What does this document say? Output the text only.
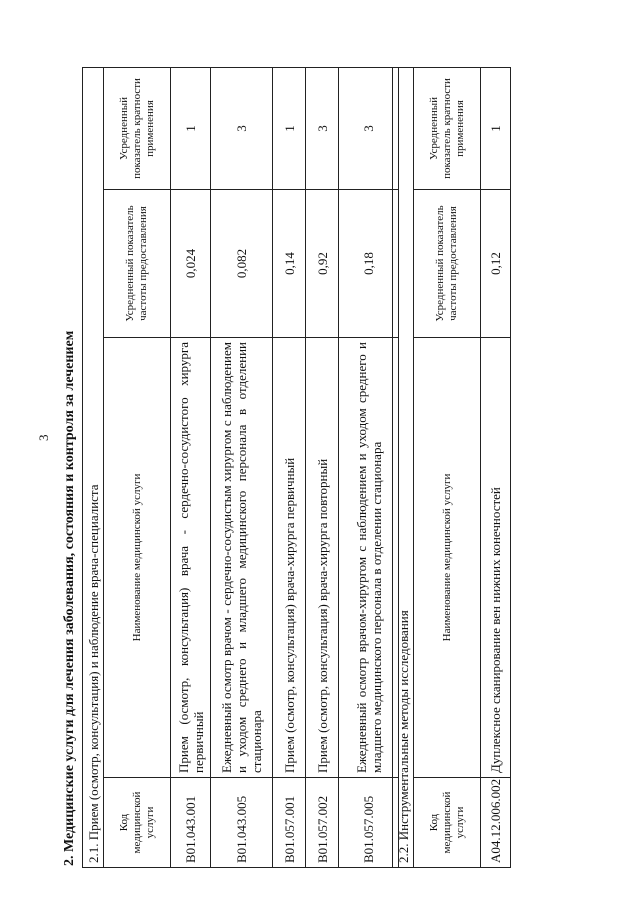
3 2. Медицинские услуги для лечения заболевания, состояния и контроля за лечением 2.1. Прием (осмотр, консультация) и наблюдение врача-специалиста			
Код медицинской услуги	Наименование медицинской услуги	Усредненный показатель частоты предоставления	Усредненный показатель кратности применения
B01.043.001	Прием (осмотр, консультация) врача - сердечно-сосудистого хирурга первичный	0,024	1
B01.043.005	Ежедневный осмотр врачом - сердечно-сосудистым хирургом с наблюдением и уходом среднего и младшего медицинского персонала в отделении стационара	0,082	3
B01.057.001	Прием (осмотр, консультация) врача-хирурга первичный	0,14	1
B01.057.002	Прием (осмотр, консультация) врача-хирурга повторный	0,92	3
B01.057.005	Ежедневный осмотр врачом-хирургом с наблюдением и уходом среднего и младшего медицинского персонала в отделении стационара	0,18	3
2.2. Инструментальные методы исследования			
Код медицинской услуги	Наименование медицинской услуги	Усредненный показатель частоты предоставления	Усредненный показатель кратности применения
A04.12.006.002	Дуплексное сканирование вен нижних конечностей	0,12	1
